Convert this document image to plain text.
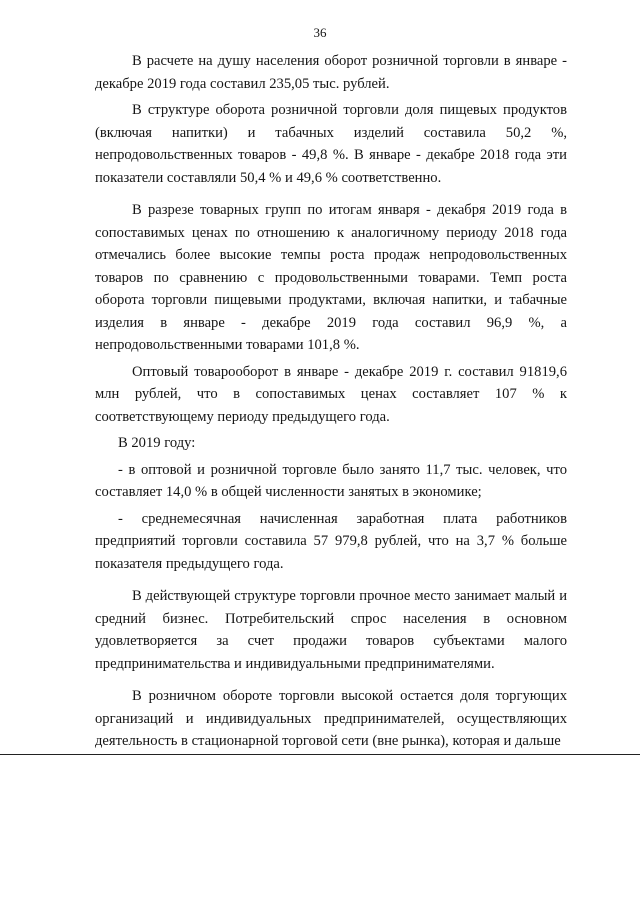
36

В расчете на душу населения оборот розничной торговли в январе - декабре 2019 года составил 235,05 тыс. рублей.

В структуре оборота розничной торговли доля пищевых продуктов (включая напитки) и табачных изделий составила 50,2 %, непродовольственных товаров - 49,8 %. В январе - декабре 2018 года эти показатели составляли 50,4 % и 49,6 % соответственно.

В разрезе товарных групп по итогам января - декабря 2019 года в сопоставимых ценах по отношению к аналогичному периоду 2018 года отмечались более высокие темпы роста продаж непродовольственных товаров по сравнению с продовольственными товарами. Темп роста оборота торговли пищевыми продуктами, включая напитки, и табачные изделия в январе - декабре 2019 года составил 96,9 %, а непродовольственными товарами 101,8 %.

Оптовый товарооборот в январе - декабре 2019 г. составил 91819,6 млн рублей, что в сопоставимых ценах составляет 107 % к соответствующему периоду предыдущего года.

В 2019 году:

- в оптовой и розничной торговле было занято 11,7 тыс. человек, что составляет 14,0 % в общей численности занятых в экономике;

- среднемесячная начисленная заработная плата работников предприятий торговли составила 57 979,8 рублей, что на 3,7 % больше показателя предыдущего года.

В действующей структуре торговли прочное место занимает малый и средний бизнес. Потребительский спрос населения в основном удовлетворяется за счет продажи товаров субъектами малого предпринимательства и индивидуальными предпринимателями.

В розничном обороте торговли высокой остается доля торгующих организаций и индивидуальных предпринимателей, осуществляющих деятельность в стационарной торговой сети (вне рынка), которая и дальше
